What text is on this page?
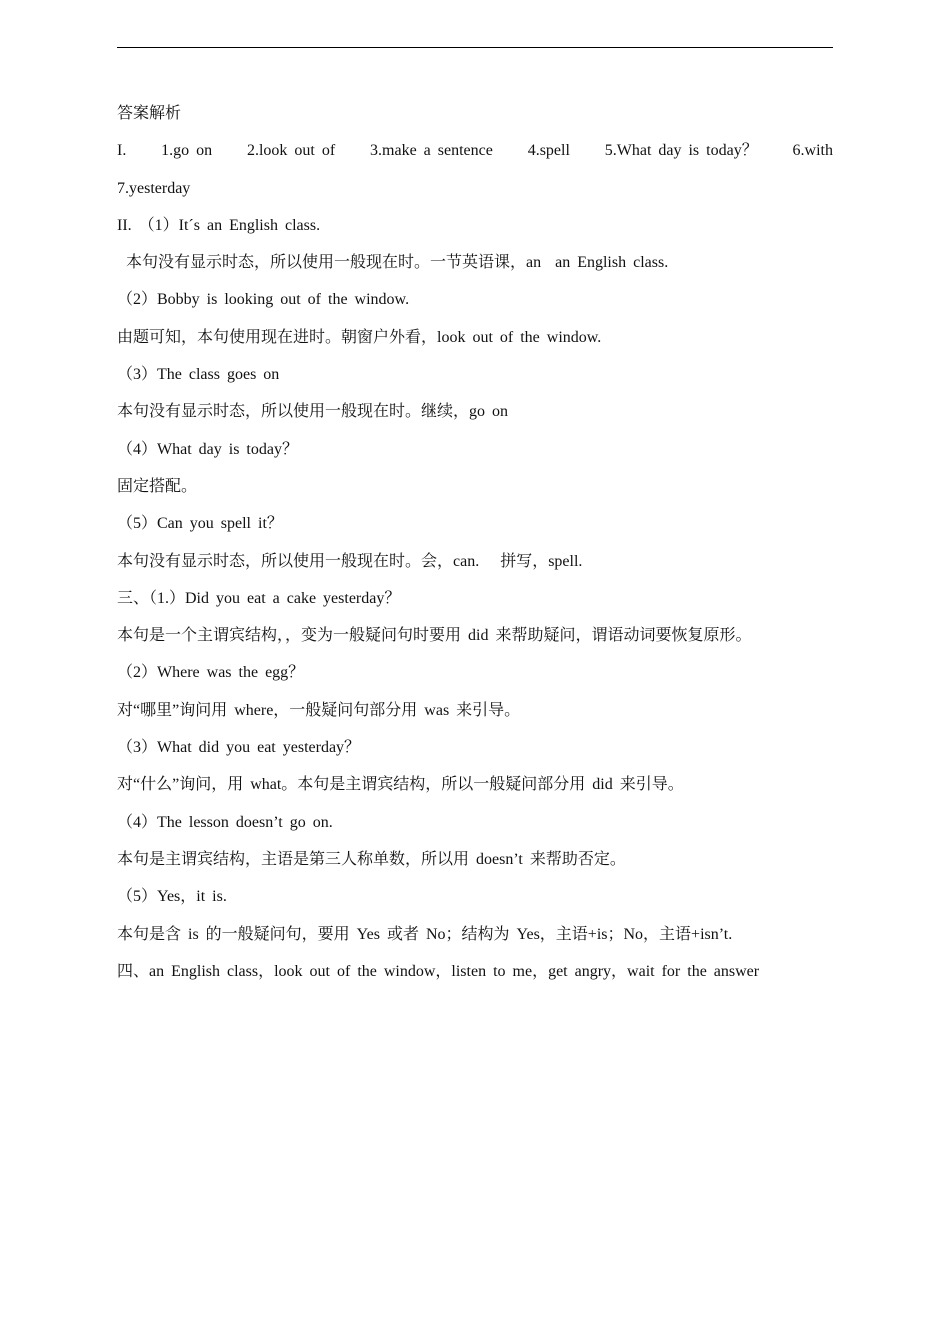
答案解析
I. 1.go on 2.look out of 3.make a sentence 4.spell 5.What day is today？ 6.with
7.yesterday
II. （1）It´s an English class.
本句没有显示时态，所以使用一般现在时。一节英语课，an  an English class.
（2）Bobby is looking out of the window.
由题可知，本句使用现在进时。朝窗户外看，look out of the window.
（3）The class goes on
本句没有显示时态，所以使用一般现在时。继续，go on
（4）What day is today？
固定搭配。
（5）Can you spell it？
本句没有显示时态，所以使用一般现在时。会，can.   拼写，spell.
三、（1.）Did you eat a cake yesterday？
本句是一个主谓宾结构，，变为一般疑问句时要用 did 来帮助疑问，谓语动词要恢复原形。
（2）Where was the egg？
对“哪里”询问用 where，一般疑问句部分用 was 来引导。
（3）What did you eat yesterday？
对“什么”询问，用 what。本句是主谓宾结构，所以一般疑问部分用 did 来引导。
（4）The lesson doesn’t go on.
本句是主谓宾结构，主语是第三人称单数，所以用 doesn’t 来帮助否定。
（5）Yes，it is.
本句是含 is 的一般疑问句，要用 Yes 或者 No；结构为 Yes，主语+is；No，主语+isn’t.
四、an English class，look out of the window，listen to me，get angry，wait for the answer
